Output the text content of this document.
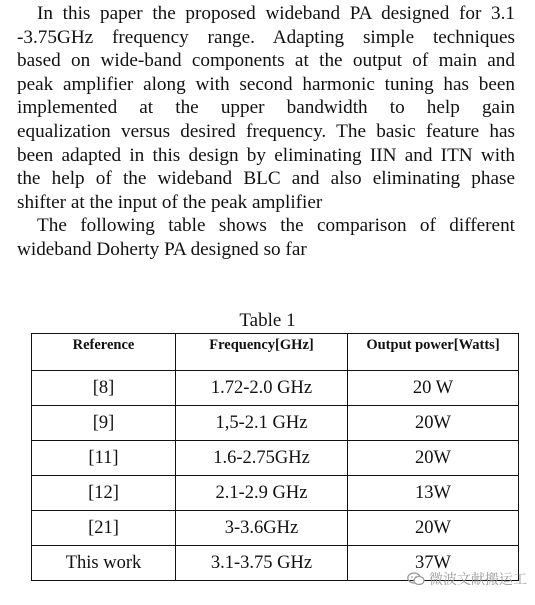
In this paper the proposed wideband PA designed for 3.1
-3.75GHz frequency range. Adapting simple techniques
based on wide-band components at the output of main and
peak amplifier along with second harmonic tuning has been
implemented at the upper bandwidth to help gain
equalization versus desired frequency. The basic feature has
been adapted in this design by eliminating IIN and ITN with
the help of the wideband BLC and also eliminating phase
shifter at the input of the peak amplifier
The following table shows the comparison of different
wideband Doherty PA designed so far
Table 1
Reference	Frequency[GHz]	Output power[Watts]
[8]	1.72-2.0 GHz	20 W
[9]	1,5-2.1 GHz	20W
[11]	1.6-2.75GHz	20W
[12]	2.1-2.9 GHz	13W
[21]	3-3.6GHz	20W
This work	3.1-3.75 GHz	37W
微波文献搬运工
